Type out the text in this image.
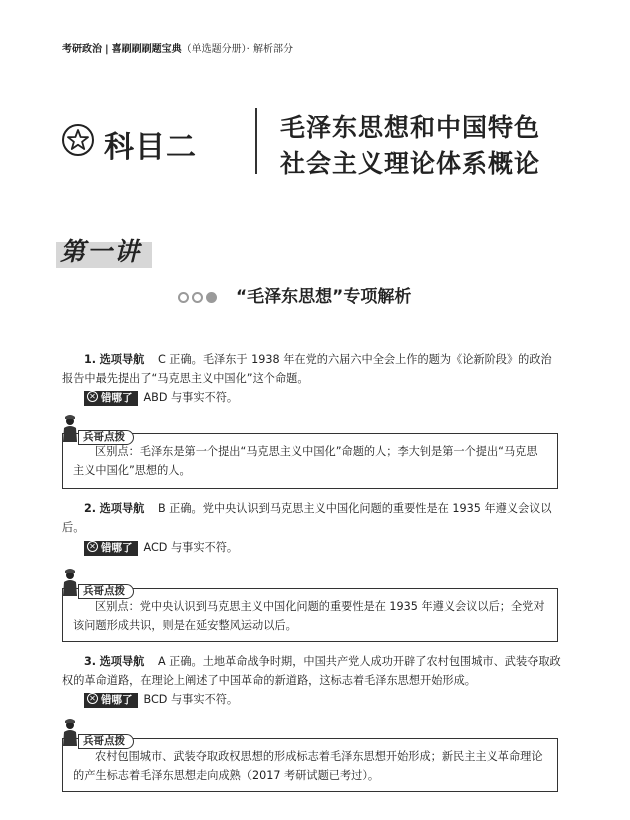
考研政治 | 喜刷刷刷题宝典（单选题分册）· 解析部分
科目二
毛泽东思想和中国特色
社会主义理论体系概论
第一讲
“毛泽东思想”专项解析
1. 选项导航 C 正确。毛泽东于 1938 年在党的六届六中全会上作的题为《论新阶段》的政治报告中最先提出了“马克思主义中国化”这个命题。
✕ 错哪了 ABD 与事实不符。
区别点：毛泽东是第一个提出“马克思主义中国化”命题的人；李大钊是第一个提出“马克思主义中国化”思想的人。
兵哥点拨
2. 选项导航 B 正确。党中央认识到马克思主义中国化问题的重要性是在 1935 年遵义会议以后。
✕ 错哪了 ACD 与事实不符。
区别点：党中央认识到马克思主义中国化问题的重要性是在 1935 年遵义会议以后；全党对该问题形成共识，则是在延安整风运动以后。
兵哥点拨
3. 选项导航 A 正确。土地革命战争时期，中国共产党人成功开辟了农村包围城市、武装夺取政权的革命道路，在理论上阐述了中国革命的新道路，这标志着毛泽东思想开始形成。
✕ 错哪了 BCD 与事实不符。
农村包围城市、武装夺取政权思想的形成标志着毛泽东思想开始形成；新民主主义革命理论的产生标志着毛泽东思想走向成熟（2017 考研试题已考过）。
兵哥点拨
